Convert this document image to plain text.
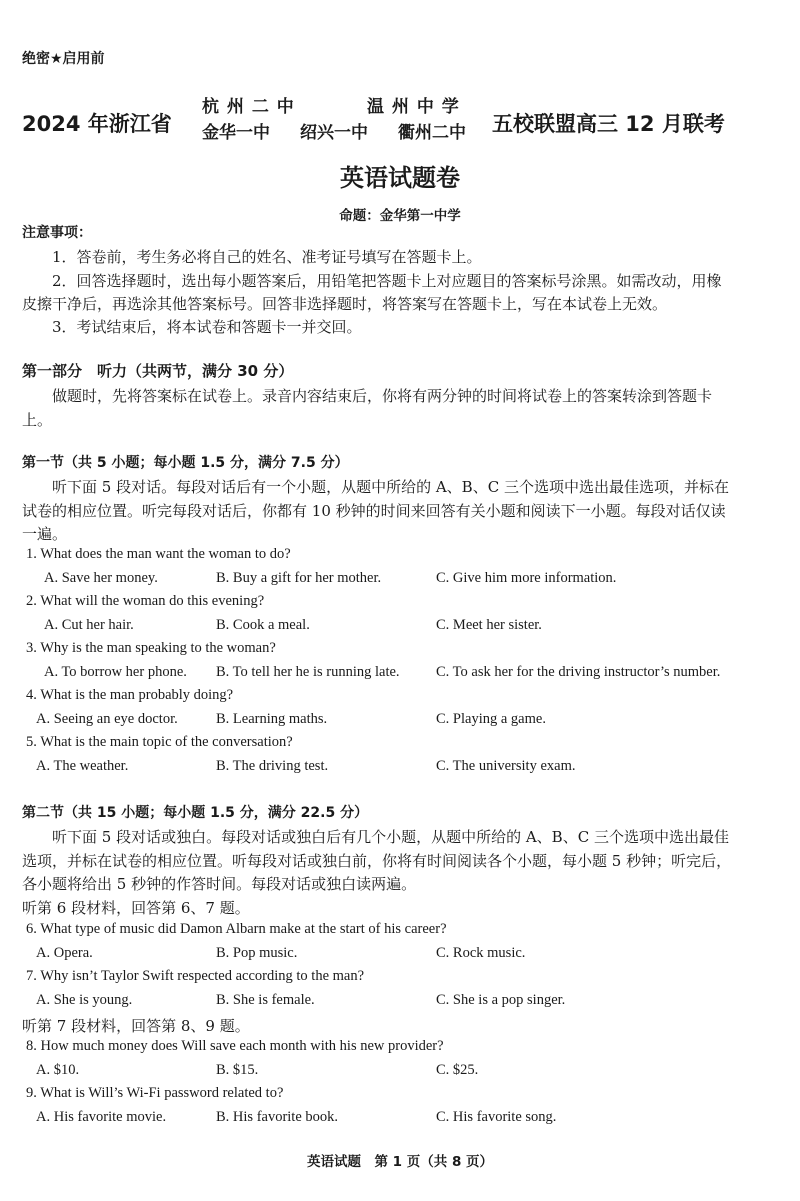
绝密★启用前
2024 年浙江省
杭 州 二 中	温 州 中 学
金华一中 绍兴一中 衢州二中 五校联盟高三 12 月联考
英语试题卷
命题：金华第一中学
注意事项：
1．答卷前，考生务必将自己的姓名、准考证号填写在答题卡上。
2．回答选择题时，选出每小题答案后，用铅笔把答题卡上对应题目的答案标号涂黑。如需改动，用橡
皮擦干净后，再选涂其他答案标号。回答非选择题时，将答案写在答题卡上，写在本试卷上无效。
3．考试结束后，将本试卷和答题卡一并交回。
第一部分　听力（共两节，满分 30 分）
做题时，先将答案标在试卷上。录音内容结束后，你将有两分钟的时间将试卷上的答案转涂到答题卡
上。
第一节（共 5 小题；每小题 1.5 分，满分 7.5 分）
听下面 5 段对话。每段对话后有一个小题，从题中所给的 A、B、C 三个选项中选出最佳选项，并标在
试卷的相应位置。听完每段对话后，你都有 10 秒钟的时间来回答有关小题和阅读下一小题。每段对话仅读
一遍。
1. What does the man want the woman to do?
A. Save her money.	B. Buy a gift for her mother.	C. Give him more information.
2. What will the woman do this evening?
A. Cut her hair.	B. Cook a meal.	C. Meet her sister.
3. Why is the man speaking to the woman?
A. To borrow her phone. B. To tell her he is running late.	C. To ask her for the driving instructor’s number.
4. What is the man probably doing?
A. Seeing an eye doctor.	B. Learning maths.	C. Playing a game.
5. What is the main topic of the conversation?
A. The weather.	B. The driving test.	C. The university exam.
第二节（共 15 小题；每小题 1.5 分，满分 22.5 分）
听下面 5 段对话或独白。每段对话或独白后有几个小题，从题中所给的 A、B、C 三个选项中选出最佳
选项，并标在试卷的相应位置。听每段对话或独白前，你将有时间阅读各个小题，每小题 5 秒钟；听完后，
各小题将给出 5 秒钟的作答时间。每段对话或独白读两遍。
听第 6 段材料，回答第 6、7 题。
6. What type of music did Damon Albarn make at the start of his career?
A. Opera.	B. Pop music.	C. Rock music.
7. Why isn’t Taylor Swift respected according to the man?
A. She is young.	B. She is female.	C. She is a pop singer.
听第 7 段材料，回答第 8、9 题。
8. How much money does Will save each month with his new provider?
A. $10.	B. $15.	C. $25.
9. What is Will’s Wi-Fi password related to?
A. His favorite movie.	B. His favorite book.	C. His favorite song.
英语试题　第 1 页（共 8 页）
